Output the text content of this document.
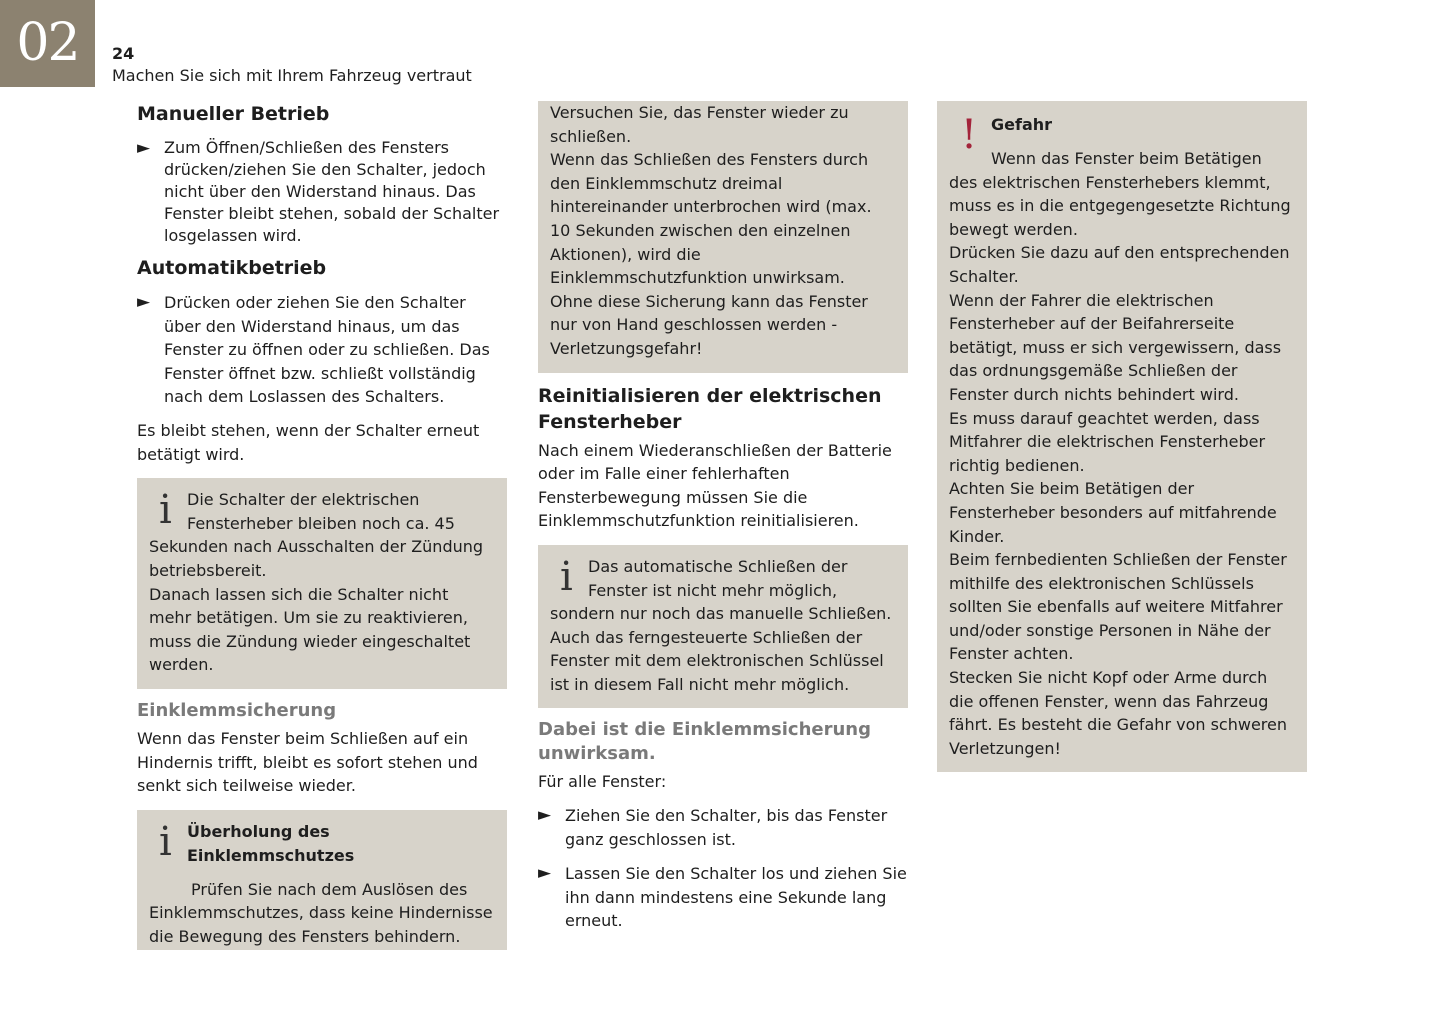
02	24
Machen Sie sich mit Ihrem Fahrzeug vertraut
Manueller Betrieb
► Zum Öffnen/Schließen des Fensters drücken/ziehen Sie den Schalter, jedoch nicht über den Widerstand hinaus. Das Fenster bleibt stehen, sobald der Schalter losgelassen wird.
Automatikbetrieb
► Drücken oder ziehen Sie den Schalter über den Widerstand hinaus, um das Fenster zu öffnen oder zu schließen. Das Fenster öffnet bzw. schließt vollständig nach dem Loslassen des Schalters.

Es bleibt stehen, wenn der Schalter erneut betätigt wird.

i Die Schalter der elektrischen Fensterheber bleiben noch ca. 45

Sekunden nach Ausschalten der Zündung betriebsbereit.

Danach lassen sich die Schalter nicht mehr betätigen. Um sie zu reaktivieren, muss die Zündung wieder eingeschaltet werden.

Einklemmsicherung

Wenn das Fenster beim Schließen auf ein Hindernis trifft, bleibt es sofort stehen und senkt sich teilweise wieder.

i Überholung des Einklemmschutzes

Prüfen Sie nach dem Auslösen des

Einklemmschutzes, dass keine Hindernisse die Bewegung des Fensters behindern.

Versuchen Sie, das Fenster wieder zu schließen.

Wenn das Schließen des Fensters durch den Einklemmschutz dreimal hintereinander unterbrochen wird (max. 10 Sekunden zwischen den einzelnen Aktionen), wird die Einklemmschutzfunktion unwirksam.

Ohne diese Sicherung kann das Fenster nur von Hand geschlossen werden - Verletzungsgefahr!

Reinitialisieren der elektrischen Fensterheber

Nach einem Wiederanschließen der Batterie oder im Falle einer fehlerhaften Fensterbewegung müssen Sie die Einklemmschutzfunktion reinitialisieren.

i Das automatische Schließen der Fenster ist nicht mehr möglich,

sondern nur noch das manuelle Schließen.

Auch das ferngesteuerte Schließen der Fenster mit dem elektronischen Schlüssel ist in diesem Fall nicht mehr möglich.

Dabei ist die Einklemmsicherung unwirksam.

Für alle Fenster:

► Ziehen Sie den Schalter, bis das Fenster ganz geschlossen ist.
► Lassen Sie den Schalter los und ziehen Sie ihn dann mindestens eine Sekunde lang erneut.
! Gefahr

Wenn das Fenster beim Betätigen

des elektrischen Fensterhebers klemmt, muss es in die entgegengesetzte Richtung bewegt werden.

Drücken Sie dazu auf den entsprechenden Schalter.

Wenn der Fahrer die elektrischen Fensterheber auf der Beifahrerseite betätigt, muss er sich vergewissern, dass das ordnungsgemäße Schließen der Fenster durch nichts behindert wird.

Es muss darauf geachtet werden, dass Mitfahrer die elektrischen Fensterheber richtig bedienen.

Achten Sie beim Betätigen der Fensterheber besonders auf mitfahrende Kinder.

Beim fernbedienten Schließen der Fenster mithilfe des elektronischen Schlüssels sollten Sie ebenfalls auf weitere Mitfahrer und/oder sonstige Personen in Nähe der Fenster achten.

Stecken Sie nicht Kopf oder Arme durch die offenen Fenster, wenn das Fahrzeug fährt. Es besteht die Gefahr von schweren Verletzungen!
